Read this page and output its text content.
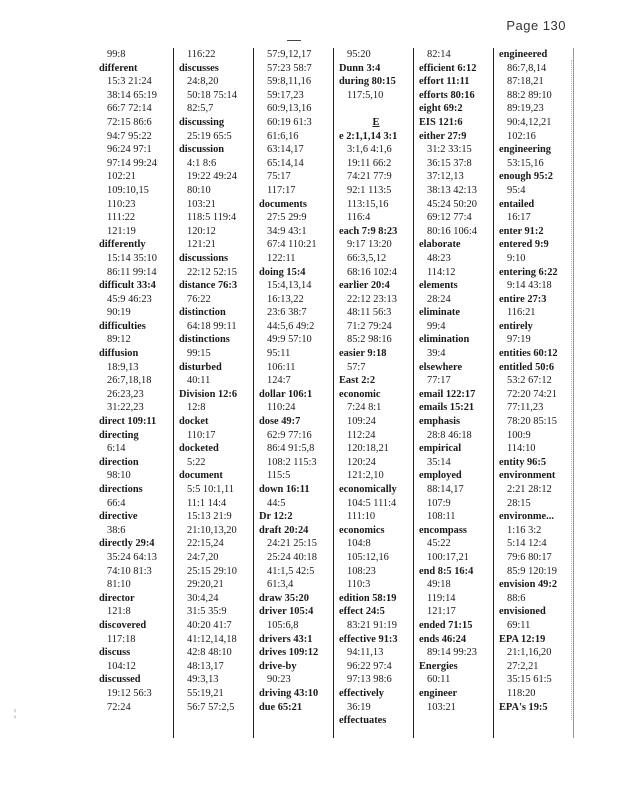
Page 130
¦
99:8
different
15:3 21:24
38:14 65:19
66:7 72:14
72:15 86:6
94:7 95:22
96:24 97:1
97:14 99:24
102:21
109:10,15
110:23
111:22
121:19
differently
15:14 35:10
86:11 99:14
difficult 33:4
45:9 46:23
90:19
difficulties
89:12
diffusion
18:9,13
26:7,18,18
26:23,23
31:22,23
direct 109:11
directing
6:14
direction
98:10
directions
66:4
directive
38:6
directly 29:4
35:24 64:13
74:10 81:3
81:10
director
121:8
discovered
117:18
discuss
104:12
discussed
19:12 56:3
72:24
116:22
discusses
24:8,20
50:18 75:14
82:5,7
discussing
25:19 65:5
discussion
4:1 8:6
19:22 49:24
80:10
103:21
118:5 119:4
120:12
121:21
discussions
22:12 52:15
distance 76:3
76:22
distinction
64:18 99:11
distinctions
99:15
disturbed
40:11
Division 12:6
12:8
docket
110:17
docketed
5:22
document
5:5 10:1,11
11:1 14:4
15:13 21:9
21:10,13,20
22:15,24
24:7,20
25:15 29:10
29:20,21
30:4,24
31:5 35:9
40:20 41:7
41:12,14,18
42:8 48:10
48:13,17
49:3,13
55:19,21
56:7 57:2,5
57:9,12,17
57:23 58:7
59:8,11,16
59:17,23
60:9,13,16
60:19 61:3
61:6,16
63:14,17
65:14,14
75:17
117:17
documents
27:5 29:9
34:9 43:1
67:4 110:21
122:11
doing 15:4
15:4,13,14
16:13,22
23:6 38:7
44:5,6 49:2
49:9 57:10
95:11
106:11
124:7
dollar 106:1
110:24
dose 49:7
62:9 77:16
86:4 91:5,8
108:2 115:3
115:5
down 16:11
44:5
Dr 12:2
draft 20:24
24:21 25:15
25:24 40:18
41:1,5 42:5
61:3,4
draw 35:20
driver 105:4
105:6,8
drivers 43:1
drives 109:12
drive-by
90:23
driving 43:10
due 65:21
95:20
Dunn 3:4
during 80:15
117:5,10

E
e 2:1,1,14 3:1
3:1,6 4:1,6
19:11 66:2
74:21 77:9
92:1 113:5
113:15,16
116:4
each 7:9 8:23
9:17 13:20
66:3,5,12
68:16 102:4
earlier 20:4
22:12 23:13
48:11 56:3
71:2 79:24
85:2 98:16
easier 9:18
57:7
East 2:2
economic
7:24 8:1
109:24
112:24
120:18,21
120:24
121:2,10
economically
104:5 111:4
111:10
economics
104:8
105:12,16
108:23
110:3
edition 58:19
effect 24:5
83:21 91:19
effective 91:3
94:11,13
96:22 97:4
97:13 98:6
effectively
36:19
effectuates
82:14
efficient 6:12
effort 11:11
efforts 80:16
eight 69:2
EIS 121:6
either 27:9
31:2 33:15
36:15 37:8
37:12,13
38:13 42:13
45:24 50:20
69:12 77:4
80:16 106:4
elaborate
48:23
114:12
elements
28:24
eliminate
99:4
elimination
39:4
elsewhere
77:17
email 122:17
emails 15:21
emphasis
28:8 46:18
empirical
35:14
employed
88:14,17
107:9
108:11
encompass
45:22
100:17,21
end 8:5 16:4
49:18
119:14
121:17
ended 71:15
ends 46:24
89:14 99:23
Energies
60:11
engineer
103:21
engineered
86:7,8,14
87:18,21
88:2 89:10
89:19,23
90:4,12,21
102:16
engineering
53:15,16
enough 95:2
95:4
entailed
16:17
enter 91:2
entered 9:9
9:10
entering 6:22
9:14 43:18
entire 27:3
116:21
entirely
97:19
entities 60:12
entitled 50:6
53:2 67:12
72:20 74:21
77:11,23
78:20 85:15
100:9
114:10
entity 96:5
environment
2:21 28:12
28:15
environme...
1:16 3:2
5:14 12:4
79:6 80:17
85:9 120:19
envision 49:2
88:6
envisioned
69:11
EPA 12:19
21:1,16,20
27:2,21
35:15 61:5
118:20
EPA's 19:5
